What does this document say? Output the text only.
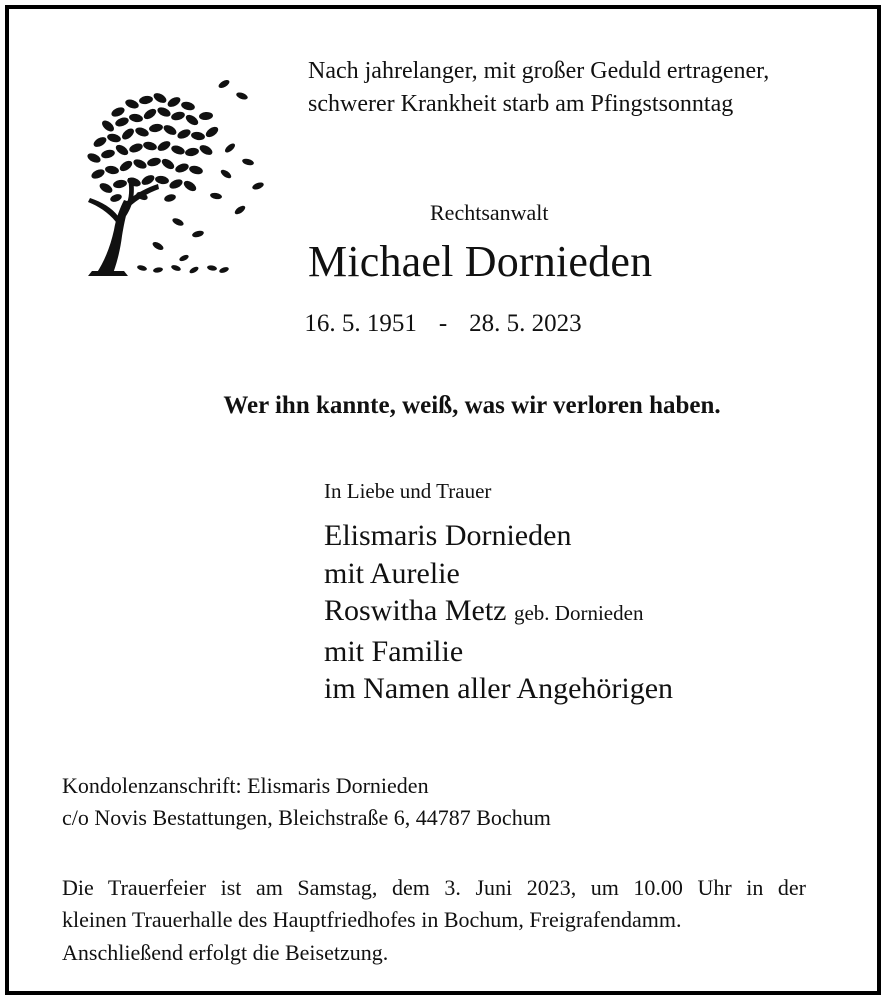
Nach jahrelanger, mit großer Geduld ertragener,
schwerer Krankheit starb am Pfingstsonntag
Rechtsanwalt
Michael Dornieden
16. 5. 1951 - 28. 5. 2023
Wer ihn kannte, weiß, was wir verloren haben.
In Liebe und Trauer
Elismaris Dornieden
mit Aurelie
Roswitha Metz geb. Dornieden
mit Familie
im Namen aller Angehörigen
Kondolenzanschrift: Elismaris Dornieden
c/o Novis Bestattungen, Bleichstraße 6, 44787 Bochum
Die Trauerfeier ist am Samstag, dem 3. Juni 2023, um 10.00 Uhr in der
kleinen Trauerhalle des Hauptfriedhofes in Bochum, Freigrafendamm.
Anschließend erfolgt die Beisetzung.
